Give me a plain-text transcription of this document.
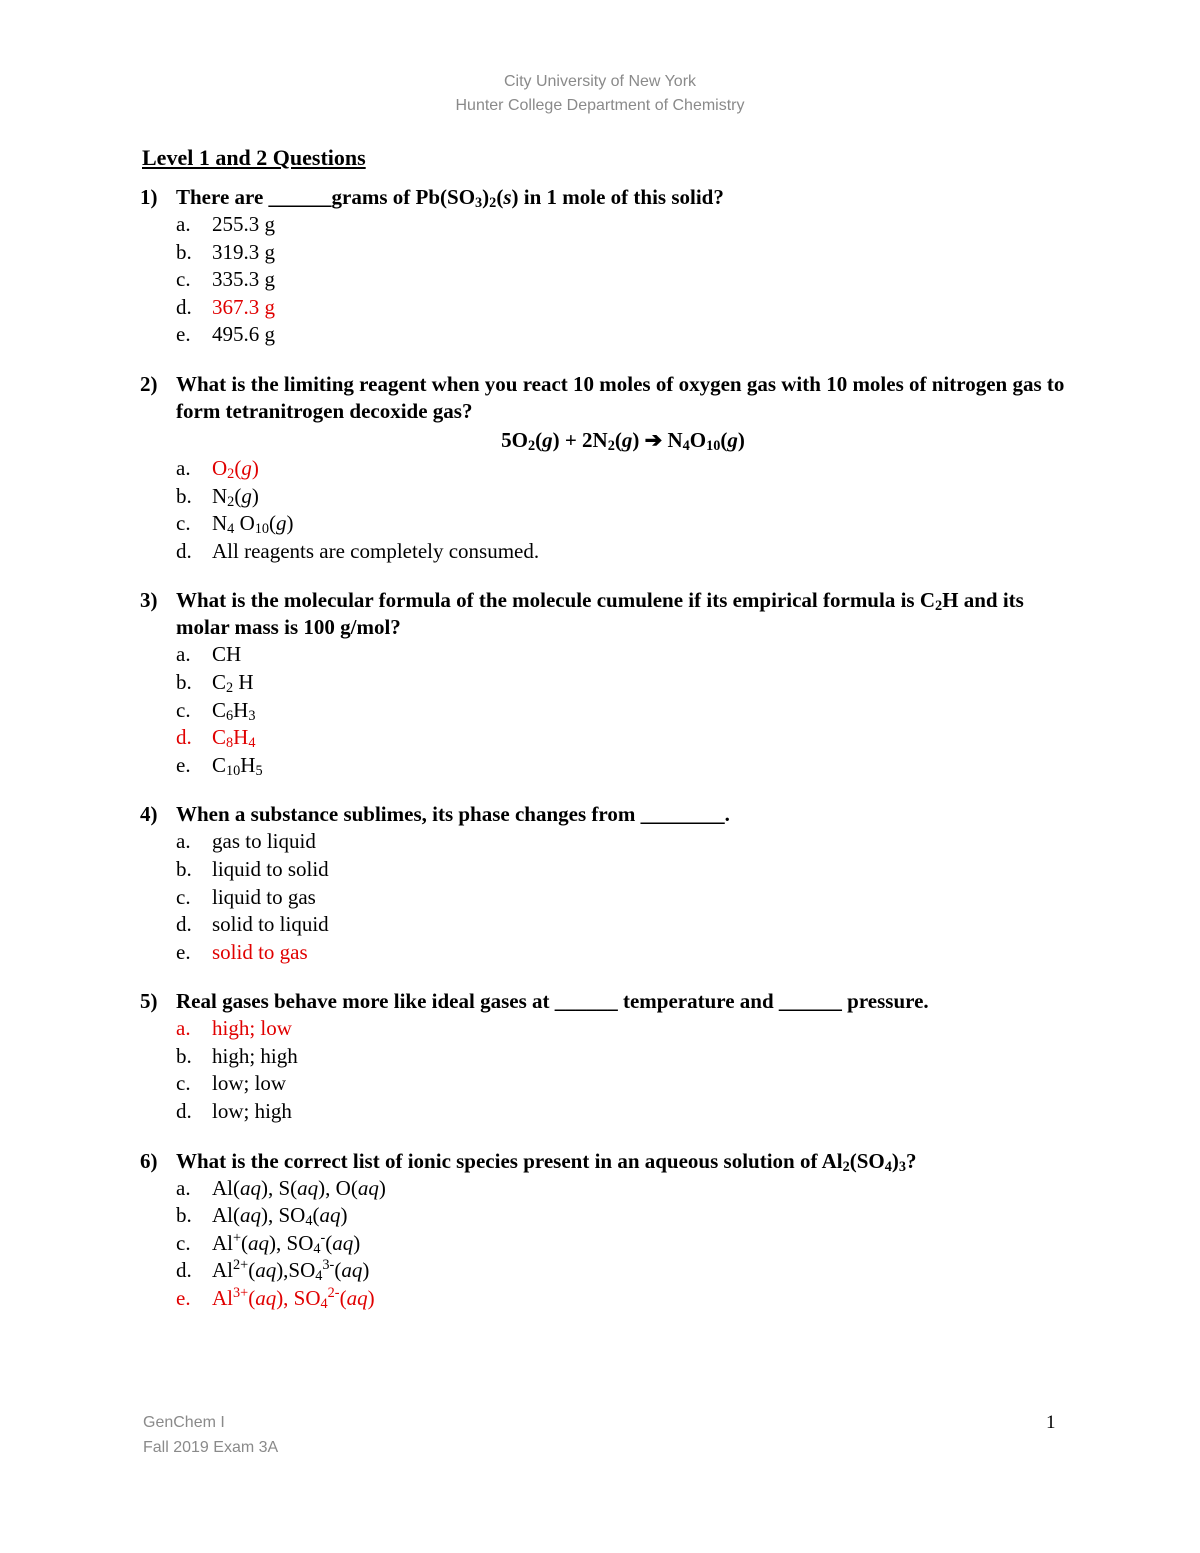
City University of New York
Hunter College Department of Chemistry
Level 1 and 2 Questions
1) There are ______grams of $Pb(SO_3)_2(s)$ in 1 mole of this solid?
a.	255.3 g
b. 319.3 g
c.	335.3 g
d. 367.3 g
e.	495.6 g
2) What is the limiting reagent when you react 10 moles of oxygen gas with 10 moles of nitrogen gas to form tetranitrogen decoxide gas?
$5O_2(g) + 2N_2(g)$ ➔ $N_4O_{10}(g)$
a.	$O_2(g)$
b. $N_2(g)$
c.	$N_4$ $O_{10}(g)$
d. All reagents are completely consumed.
3) What is the molecular formula of the molecule cumulene if its empirical formula is $C_2H$ and its molar mass is 100 g/mol?
a.	CH
b. $C_2$ H
c.	$C_6H_3$
d. $C_8H_4$
e.	$C_{10}H_5$
4) When a substance sublimes, its phase changes from ________.
a.	gas to liquid
b. liquid to solid
c.	liquid to gas
d. solid to liquid
e.	solid to gas
5) Real gases behave more like ideal gases at ______ temperature and ______ pressure.
a.	high; low
b. high; high
c.	low; low
d. low; high
6) What is the correct list of ionic species present in an aqueous solution of $Al_2(SO_4)_3$?
a.	Al(aq), S(aq), O(aq)
b. Al(aq), $SO_4(aq)$
c.	Al+(aq), $SO_4^-(aq)$
d. $Al^{2+}(aq),SO_4^{3-}(aq)$
e.	$Al^{3+}(aq)$, $SO_4^{2-}(aq)$
GenChem I
Fall 2019 Exam 3A
1
